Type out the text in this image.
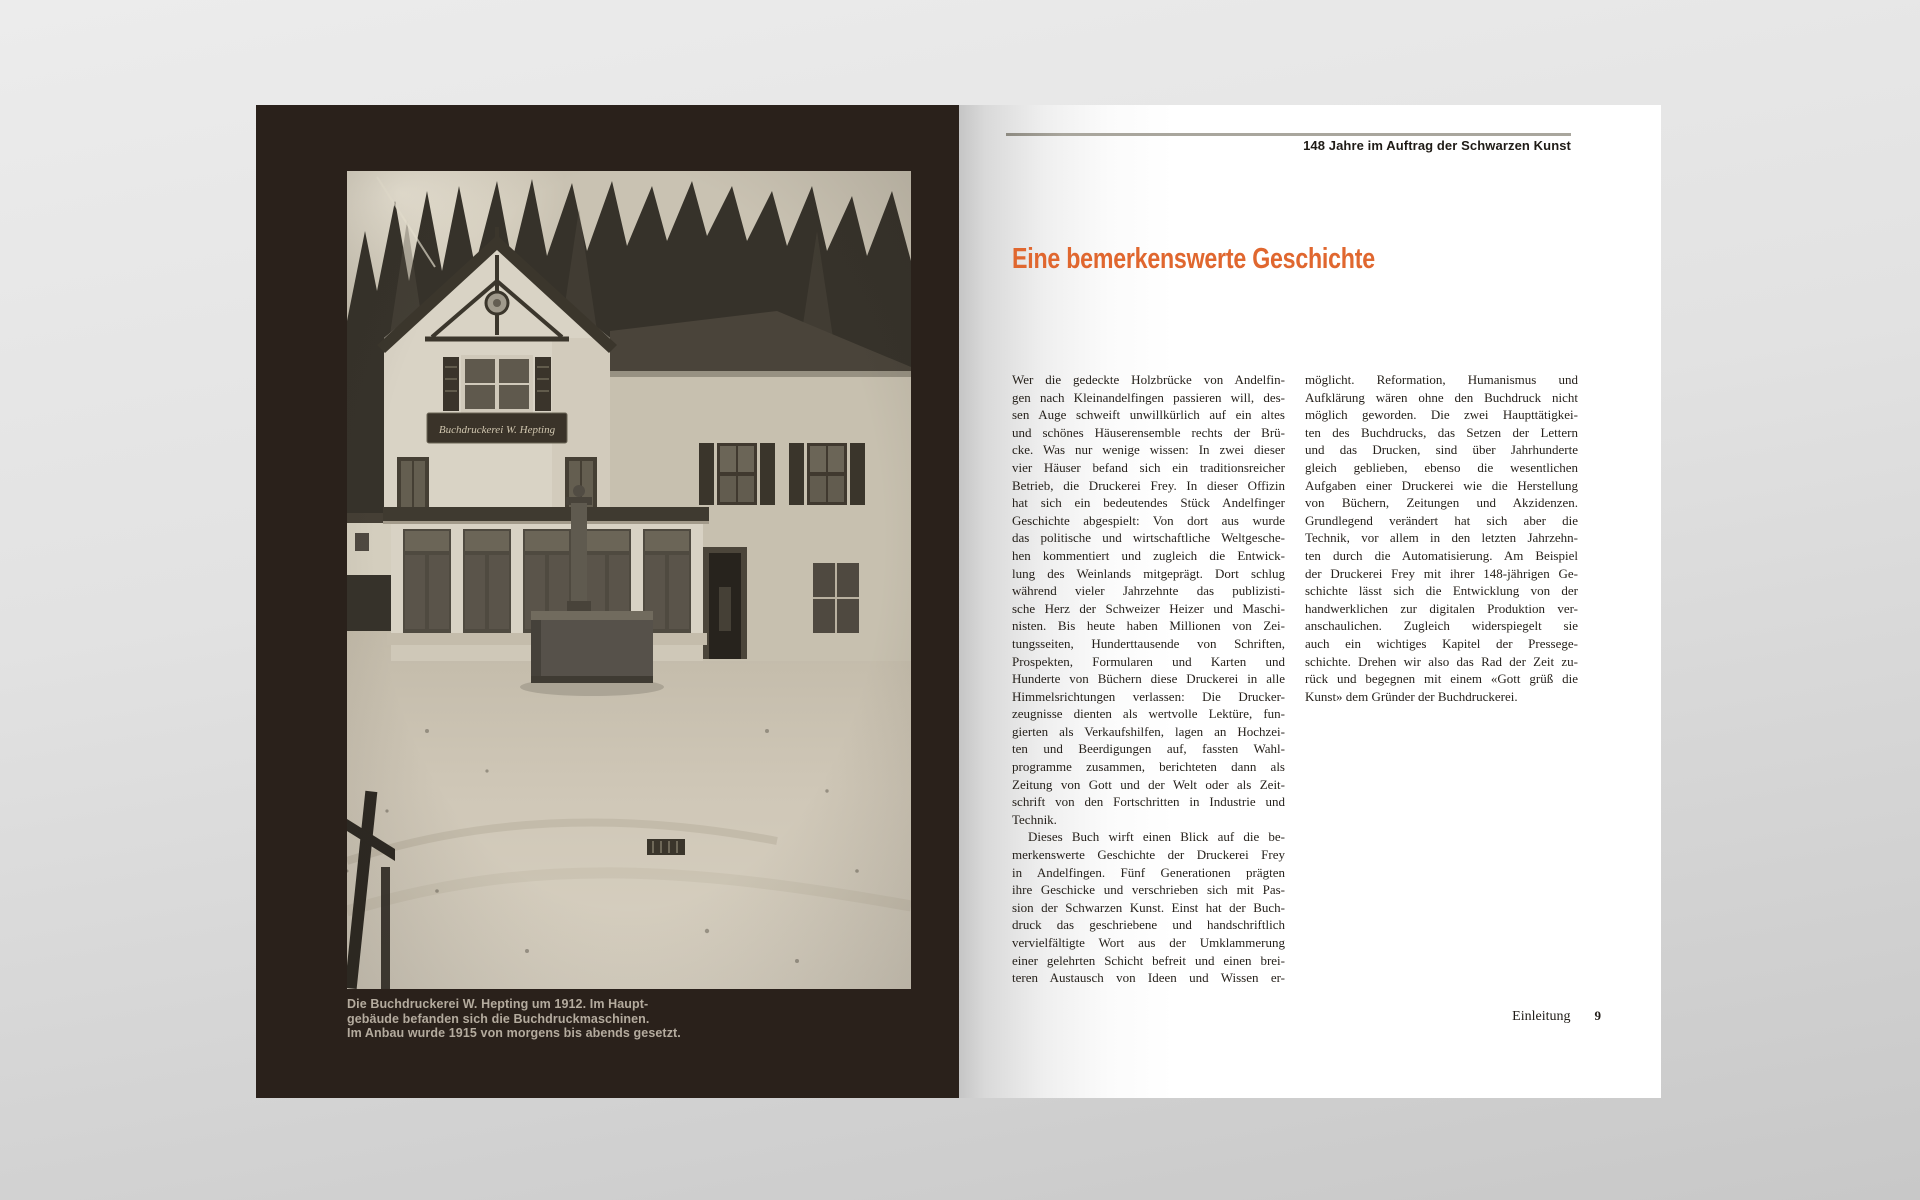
Die Buchdruckerei W. Hepting um 1912. Im Haupt-
gebäude befanden sich die Buchdruckmaschinen.
Im Anbau wurde 1915 von morgens bis abends gesetzt.
148 Jahre im Auftrag der Schwarzen Kunst
Eine bemerkenswerte Geschichte
Wer die gedeckte Holzbrücke von Andelfin-
gen nach Kleinandelfingen passieren will, des-
sen Auge schweift unwillkürlich auf ein altes
und schönes Häuserensemble rechts der Brü-
cke. Was nur wenige wissen: In zwei dieser
vier Häuser befand sich ein traditionsreicher
Betrieb, die Druckerei Frey. In dieser Offizin
hat sich ein bedeutendes Stück Andelfinger
Geschichte abgespielt: Von dort aus wurde
das politische und wirtschaftliche Weltgesche-
hen kommentiert und zugleich die Entwick-
lung des Weinlands mitgeprägt. Dort schlug
während vieler Jahrzehnte das publizisti-
sche Herz der Schweizer Heizer und Maschi-
nisten. Bis heute haben Millionen von Zei-
tungsseiten, Hunderttausende von Schriften,
Prospekten, Formularen und Karten und
Hunderte von Büchern diese Druckerei in alle
Himmelsrichtungen verlassen: Die Drucker-
zeugnisse dienten als wertvolle Lektüre, fun-
gierten als Verkaufshilfen, lagen an Hochzei-
ten und Beerdigungen auf, fassten Wahl-
programme zusammen, berichteten dann als
Zeitung von Gott und der Welt oder als Zeit-
schrift von den Fortschritten in Industrie und
Technik.
Dieses Buch wirft einen Blick auf die be-
merkenswerte Geschichte der Druckerei Frey
in Andelfingen. Fünf Generationen prägten
ihre Geschicke und verschrieben sich mit Pas-
sion der Schwarzen Kunst. Einst hat der Buch-
druck das geschriebene und handschriftlich
vervielfältigte Wort aus der Umklammerung
einer gelehrten Schicht befreit und einen brei-
teren Austausch von Ideen und Wissen er-
möglicht. Reformation, Humanismus und
Aufklärung wären ohne den Buchdruck nicht
möglich geworden. Die zwei Haupttätigkei-
ten des Buchdrucks, das Setzen der Lettern
und das Drucken, sind über Jahrhunderte
gleich geblieben, ebenso die wesentlichen
Aufgaben einer Druckerei wie die Herstellung
von Büchern, Zeitungen und Akzidenzen.
Grundlegend verändert hat sich aber die
Technik, vor allem in den letzten Jahrzehn-
ten durch die Automatisierung. Am Beispiel
der Druckerei Frey mit ihrer 148-jährigen Ge-
schichte lässt sich die Entwicklung von der
handwerklichen zur digitalen Produktion ver-
anschaulichen. Zugleich widerspiegelt sie
auch ein wichtiges Kapitel der Pressege-
schichte. Drehen wir also das Rad der Zeit zu-
rück und begegnen mit einem «Gott grüß die
Kunst» dem Gründer der Buchdruckerei.
Einleitung 9
